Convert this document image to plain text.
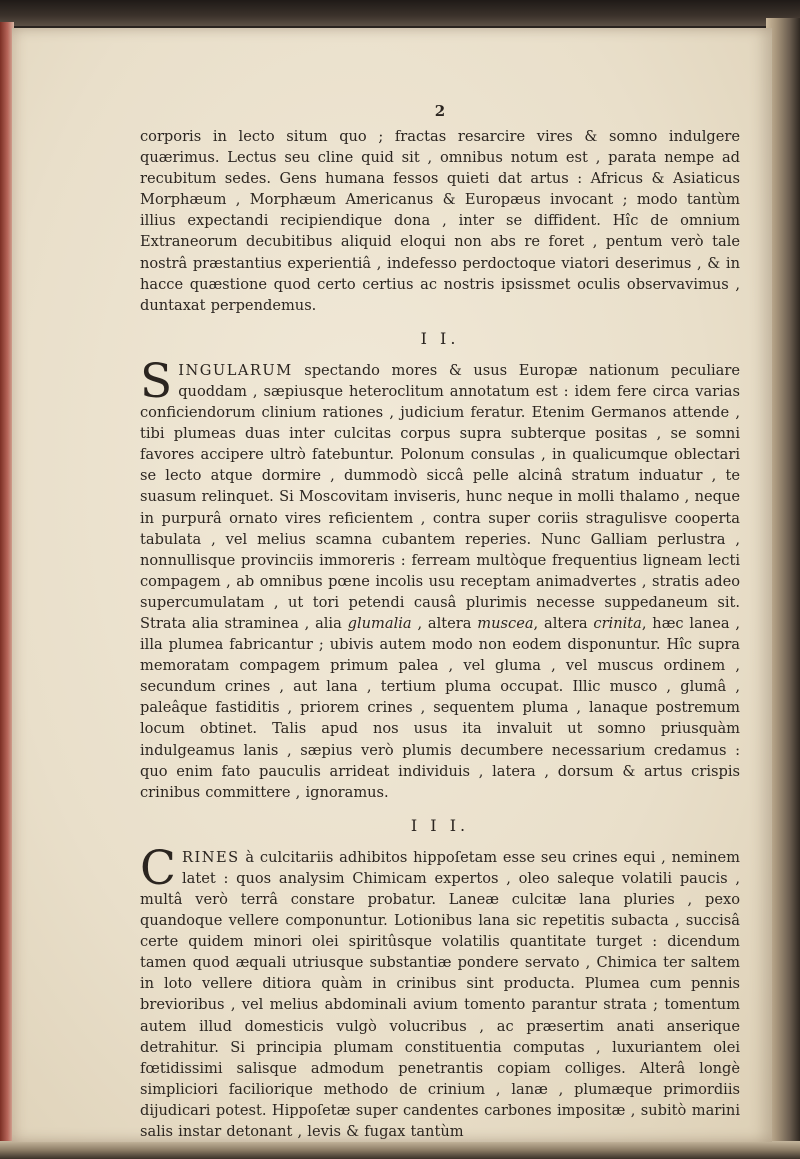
2

corporis in lecto situm quo ; fractas resarcire vires & somno indulgere quærimus. Lectus seu cline quid sit , omnibus notum est , parata nempe ad recubitum sedes. Gens humana fessos quieti dat artus : Africus & Asiaticus Morphæum , Morphæum Americanus & Europæus invocant ; modo tantùm illius expectandi recipiendique dona , inter se diffident. Hîc de omnium Extraneorum decubitibus aliquid eloqui non abs re foret , pentum verò tale nostrâ præstantius experientiâ , indefesso perdoctoque viatori deserimus , & in hacce quæstione quod certo certius ac nostris ipsissmet oculis observavimus , duntaxat perpendemus.

I I.

SINGULARUM spectando mores & usus Europæ nationum peculiare quoddam , sæpiusque heteroclitum annotatum est : idem fere circa varias conficiendorum clinium rationes , judicium feratur. Etenim Germanos attende , tibi plumeas duas inter culcitas corpus supra subterque positas , se somni favores accipere ultrò fatebuntur. Polonum consulas , in qualicumque oblectari se lecto atque dormire , dummodò siccâ pelle alcinâ stratum induatur , te suasum relinquet. Si Moscovitam inviseris, hunc neque in molli thalamo , neque in purpurâ ornato vires reficientem , contra super coriis stragulisve cooperta tabulata , vel melius scamna cubantem reperies. Nunc Galliam perlustra , nonnullisque provinciis immoreris : ferream multòque frequentius ligneam lecti compagem , ab omnibus pœne incolis usu receptam animadvertes , stratis adeo supercumulatam , ut tori petendi causâ plurimis necesse suppedaneum sit. Strata alia straminea , alia glumalia , altera muscea, altera crinita, hæc lanea , illa plumea fabricantur ; ubivis autem modo non eodem disponuntur. Hîc supra memoratam compagem primum palea , vel gluma , vel muscus ordinem , secundum crines , aut lana , tertium pluma occupat. Illic musco , glumâ , paleâque fastiditis , priorem crines , sequentem pluma , lanaque postremum locum obtinet. Talis apud nos usus ita invaluit ut somno priusquàm indulgeamus lanis , sæpius verò plumis decumbere necessarium credamus : quo enim fato pauculis arrideat individuis , latera , dorsum & artus crispis crinibus committere , ignoramus.

I I I.

CRINES à culcitariis adhibitos hippoſetam esse seu crines equi , neminem latet : quos analysim Chimicam expertos , oleo saleque volatili paucis , multâ verò terrâ constare probatur. Laneæ culcitæ lana pluries , pexo quandoque vellere componuntur. Lotionibus lana sic repetitis subacta , succisâ certe quidem minori olei spiritûsque volatilis quantitate turget : dicendum tamen quod æquali utriusque substantiæ pondere servato , Chimica ter saltem in loto vellere ditiora quàm in crinibus sint producta. Plumea cum pennis brevioribus , vel melius abdominali avium tomento parantur strata ; tomentum autem illud domesticis vulgò volucribus , ac præsertim anati anserique detrahitur. Si principia plumam constituentia computas , luxuriantem olei fœtidissimi salisque admodum penetrantis copiam colliges. Alterâ longè simpliciori faciliorique methodo de crinium , lanæ , plumæque primordiis dijudicari potest. Hippoſetæ super candentes carbones impositæ , subitò marini salis instar detonant , levis & fugax tantùm
